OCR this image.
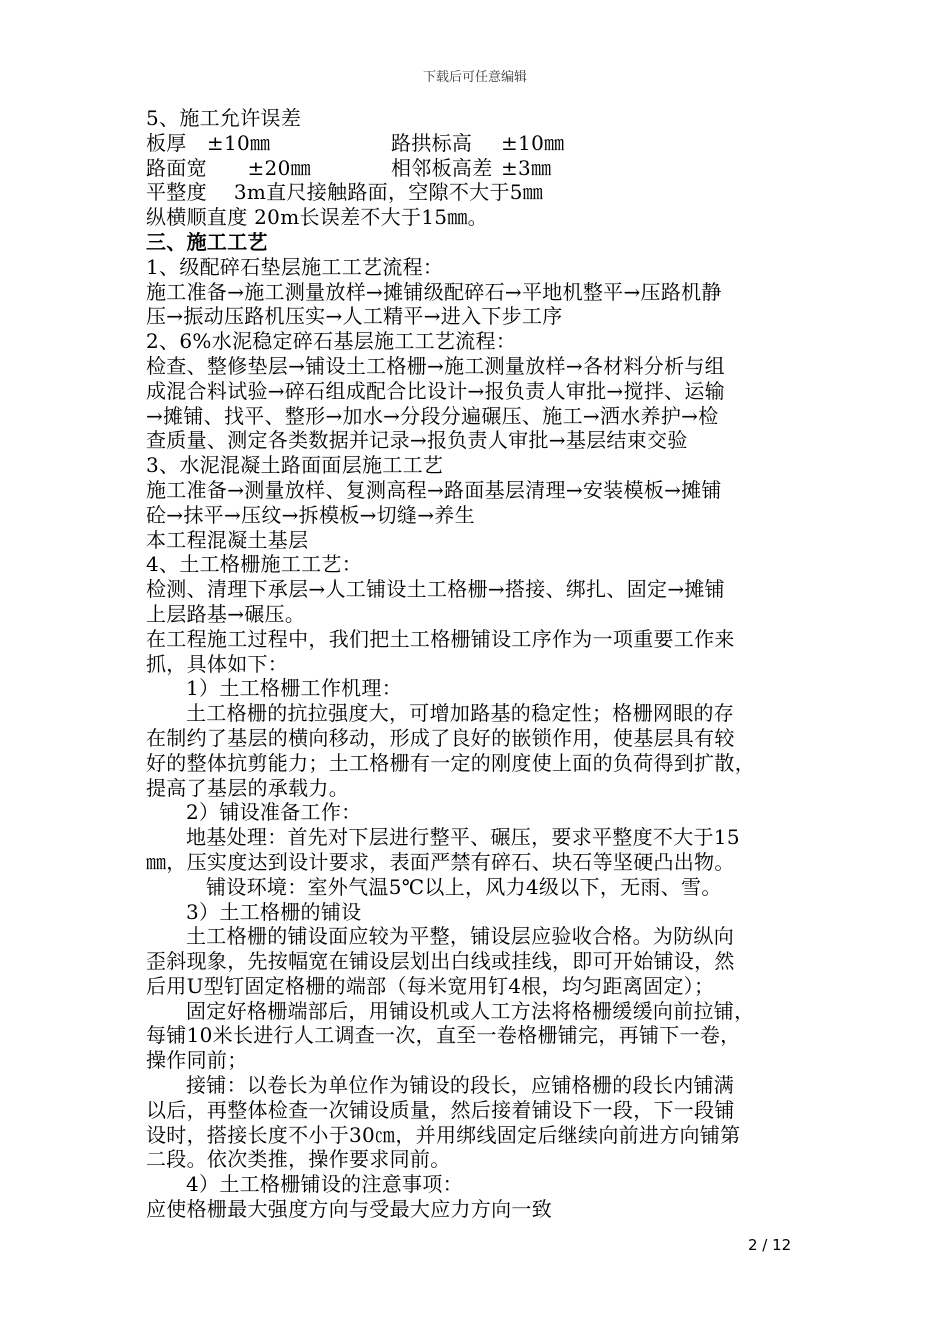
下载后可任意编辑

5、施工允许误差

板厚　±10㎜	路拱标高 ±10㎜

路面宽　　±20㎜	相邻板高差 ±3㎜

平整度　 3m直尺接触路面，空隙不大于5㎜

纵横顺直度 20m长误差不大于15㎜。

三、施工工艺

1、级配碎石垫层施工工艺流程：

施工准备→施工测量放样→摊铺级配碎石→平地机整平→压路机静

压→振动压路机压实→人工精平→进入下步工序

2、6%水泥稳定碎石基层施工工艺流程：

检查、整修垫层→铺设土工格栅→施工测量放样→各材料分析与组

成混合料试验→碎石组成配合比设计→报负责人审批→搅拌、运输

→摊铺、找平、整形→加水→分段分遍碾压、施工→洒水养护→检

查质量、测定各类数据并记录→报负责人审批→基层结束交验

3、水泥混凝土路面面层施工工艺

施工准备→测量放样、复测高程→路面基层清理→安装模板→摊铺

砼→抹平→压纹→拆模板→切缝→养生

本工程混凝土基层

4、土工格栅施工工艺：

检测、清理下承层→人工铺设土工格栅→搭接、绑扎、固定→摊铺

上层路基→碾压。

在工程施工过程中，我们把土工格栅铺设工序作为一项重要工作来

抓，具体如下：

1）土工格栅工作机理：

土工格栅的抗拉强度大，可增加路基的稳定性；格栅网眼的存

在制约了基层的横向移动，形成了良好的嵌锁作用，使基层具有较

好的整体抗剪能力；土工格栅有一定的刚度使上面的负荷得到扩散，

提高了基层的承载力。

2）铺设准备工作：

地基处理：首先对下层进行整平、碾压，要求平整度不大于15

㎜，压实度达到设计要求，表面严禁有碎石、块石等坚硬凸出物。

铺设环境：室外气温5℃以上，风力4级以下，无雨、雪。

3）土工格栅的铺设

土工格栅的铺设面应较为平整，铺设层应验收合格。为防纵向

歪斜现象，先按幅宽在铺设层划出白线或挂线，即可开始铺设，然

后用U型钉固定格栅的端部（每米宽用钉4根，均匀距离固定）；

固定好格栅端部后，用铺设机或人工方法将格栅缓缓向前拉铺，

每铺10米长进行人工调查一次，直至一卷格栅铺完，再铺下一卷，

操作同前；

接铺：以卷长为单位作为铺设的段长，应铺格栅的段长内铺满

以后，再整体检查一次铺设质量，然后接着铺设下一段，下一段铺

设时，搭接长度不小于30㎝，并用绑线固定后继续向前进方向铺第

二段。依次类推，操作要求同前。

4）土工格栅铺设的注意事项：

应使格栅最大强度方向与受最大应力方向一致

2 / 12
